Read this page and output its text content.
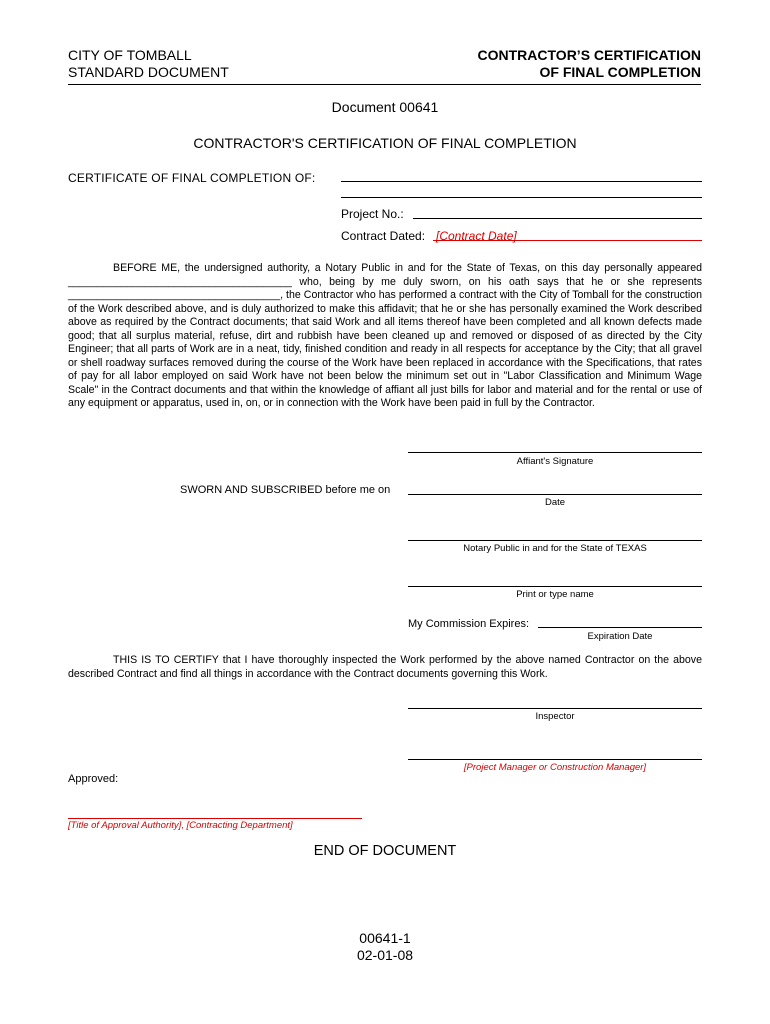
CITY OF TOMBALL
STANDARD DOCUMENT
CONTRACTOR’S CERTIFICATION
OF FINAL COMPLETION
Document 00641
CONTRACTOR'S CERTIFICATION OF FINAL COMPLETION
CERTIFICATE OF FINAL COMPLETION OF:
Project No.:
Contract Dated: [Contract Date]
BEFORE ME, the undersigned authority, a Notary Public in and for the State of Texas, on this day personally appeared ______________________________________ who, being by me duly sworn, on his oath says that he or she represents ____________________________________, the Contractor who has performed a contract with the City of Tomball for the construction of the Work described above, and is duly authorized to make this affidavit; that he or she has personally examined the Work described above as required by the Contract documents; that said Work and all items thereof have been completed and all known defects made good; that all surplus material, refuse, dirt and rubbish have been cleaned up and removed or disposed of as directed by the City Engineer; that all parts of Work are in a neat, tidy, finished condition and ready in all respects for acceptance by the City; that all gravel or shell roadway surfaces removed during the course of the Work have been replaced in accordance with the Specifications, that rates of pay for all labor employed on said Work have not been below the minimum set out in "Labor Classification and Minimum Wage Scale" in the Contract documents and that within the knowledge of affiant all just bills for labor and material and for the rental or use of any equipment or apparatus, used in, on, or in connection with the Work have been paid in full by the Contractor.
Affiant's Signature
SWORN AND SUBSCRIBED before me on
Date
Notary Public in and for the State of TEXAS
Print or type name
My Commission Expires:
Expiration Date
THIS IS TO CERTIFY that I have thoroughly inspected the Work performed by the above named Contractor on the above described Contract and find all things in accordance with the Contract documents governing this Work.
Inspector
[Project Manager or Construction Manager]
Approved:
[Title of Approval Authority], [Contracting Department]
END OF DOCUMENT
00641-1
02-01-08
